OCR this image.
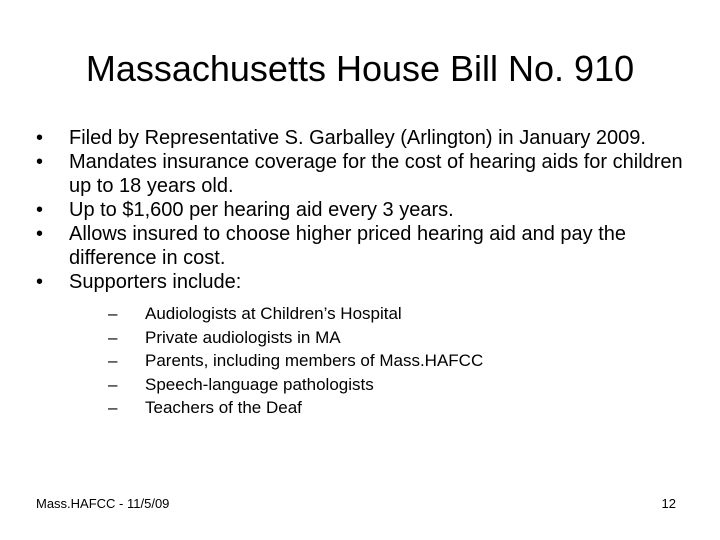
Massachusetts House Bill No. 910
•	Filed by Representative S. Garballey (Arlington) in January 2009.
•	Mandates insurance coverage for the cost of hearing aids for children up to 18 years old.
•	Up to $1,600 per hearing aid every 3 years.
•	Allows insured to choose higher priced hearing aid and pay the difference in cost.
•	Supporters include:
–	Audiologists at Children’s Hospital
–	Private audiologists in MA
–	Parents, including members of Mass.HAFCC
–	Speech-language pathologists
–	Teachers of the Deaf
Mass.HAFCC - 11/5/09	12
